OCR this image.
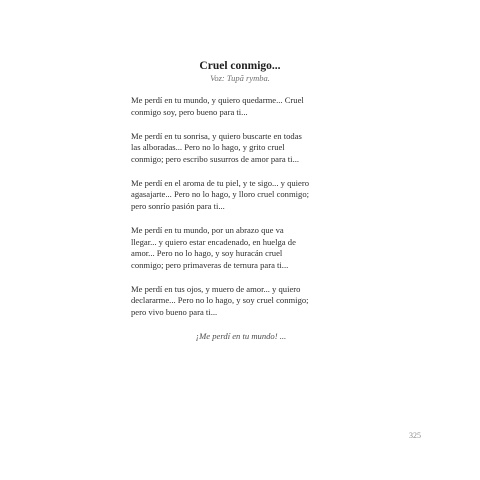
Cruel conmigo...

Voz: Tupã rymba.

Me perdí en tu mundo, y quiero quedarme... Cruel
conmigo soy, pero bueno para ti...

Me perdí en tu sonrisa, y quiero buscarte en todas
las alboradas... Pero no lo hago, y grito cruel
conmigo; pero escribo susurros de amor para ti...

Me perdí en el aroma de tu piel, y te sigo... y quiero
agasajarte... Pero no lo hago, y lloro cruel conmigo;
pero sonrío pasión para ti...

Me perdí en tu mundo, por un abrazo que va
llegar... y quiero estar encadenado, en huelga de
amor... Pero no lo hago, y soy huracán cruel
conmigo; pero primaveras de ternura para ti...

Me perdí en tus ojos, y muero de amor... y quiero
declararme... Pero no lo hago, y soy cruel conmigo;
pero vivo bueno para ti...

¡Me perdí en tu mundo! ...

325
